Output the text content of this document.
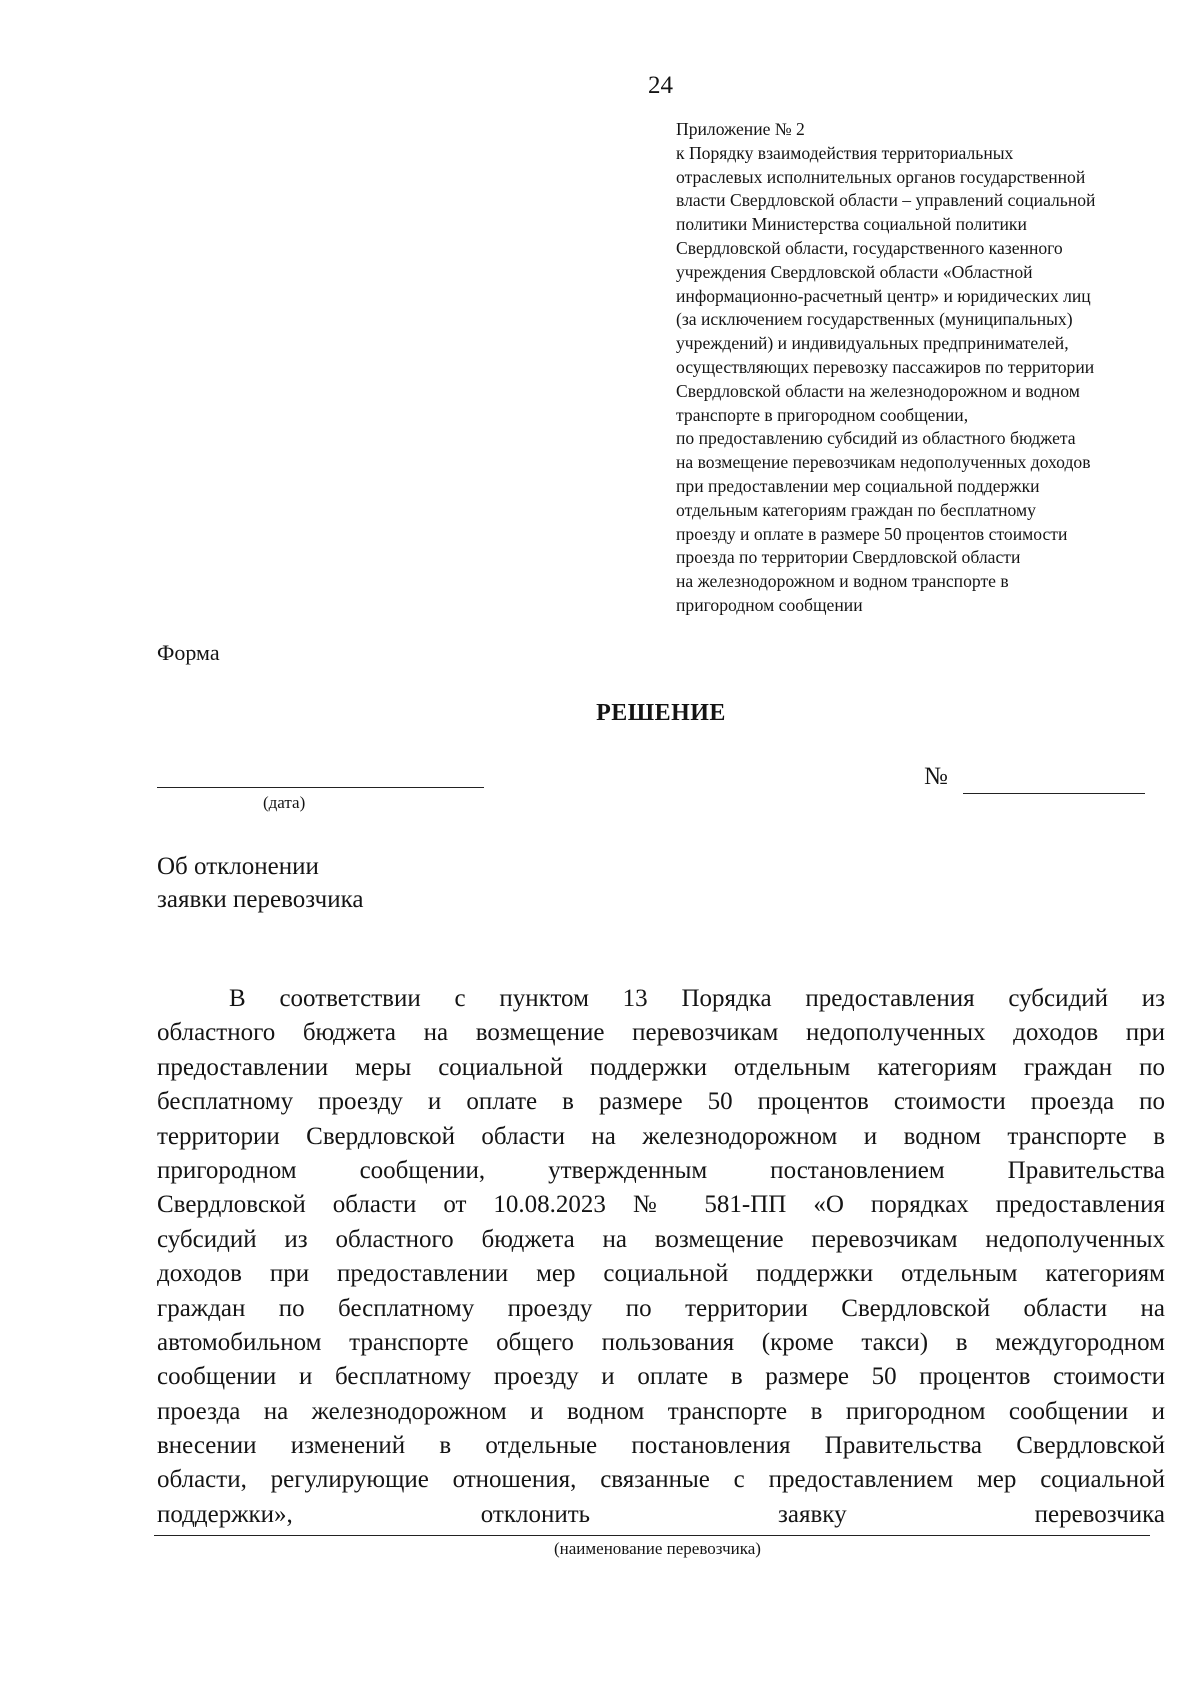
24
Приложение № 2
к Порядку взаимодействия территориальных
отраслевых исполнительных органов государственной
власти Свердловской области – управлений социальной
политики Министерства социальной политики
Свердловской области, государственного казенного
учреждения Свердловской области «Областной
информационно-расчетный центр» и юридических лиц
(за исключением государственных (муниципальных)
учреждений) и индивидуальных предпринимателей,
осуществляющих перевозку пассажиров по территории
Свердловской области на железнодорожном и водном
транспорте в пригородном сообщении,
по предоставлению субсидий из областного бюджета
на возмещение перевозчикам недополученных доходов
при предоставлении мер социальной поддержки
отдельным категориям граждан по бесплатному
проезду и оплате в размере 50 процентов стоимости
проезда по территории Свердловской области
на железнодорожном и водном транспорте в
пригородном сообщении
Форма
РЕШЕНИЕ
(дата)
№
Об отклонении
заявки перевозчика
В соответствии с пунктом 13 Порядка предоставления субсидий из
областного бюджета на возмещение перевозчикам недополученных доходов при
предоставлении меры социальной поддержки отдельным категориям граждан по
бесплатному проезду и оплате в размере 50 процентов стоимости проезда по
территории Свердловской области на железнодорожном и водном транспорте в
пригородном сообщении, утвержденным постановлением Правительства
Свердловской области от 10.08.2023 № 581-ПП «О порядках предоставления
субсидий из областного бюджета на возмещение перевозчикам недополученных
доходов при предоставлении мер социальной поддержки отдельным категориям
граждан по бесплатному проезду по территории Свердловской области на
автомобильном транспорте общего пользования (кроме такси) в междугородном
сообщении и бесплатному проезду и оплате в размере 50 процентов стоимости
проезда на железнодорожном и водном транспорте в пригородном сообщении и
внесении изменений в отдельные постановления Правительства Свердловской
области, регулирующие отношения, связанные с предоставлением мер социальной
поддержки», отклонить заявку перевозчика
(наименование перевозчика)
